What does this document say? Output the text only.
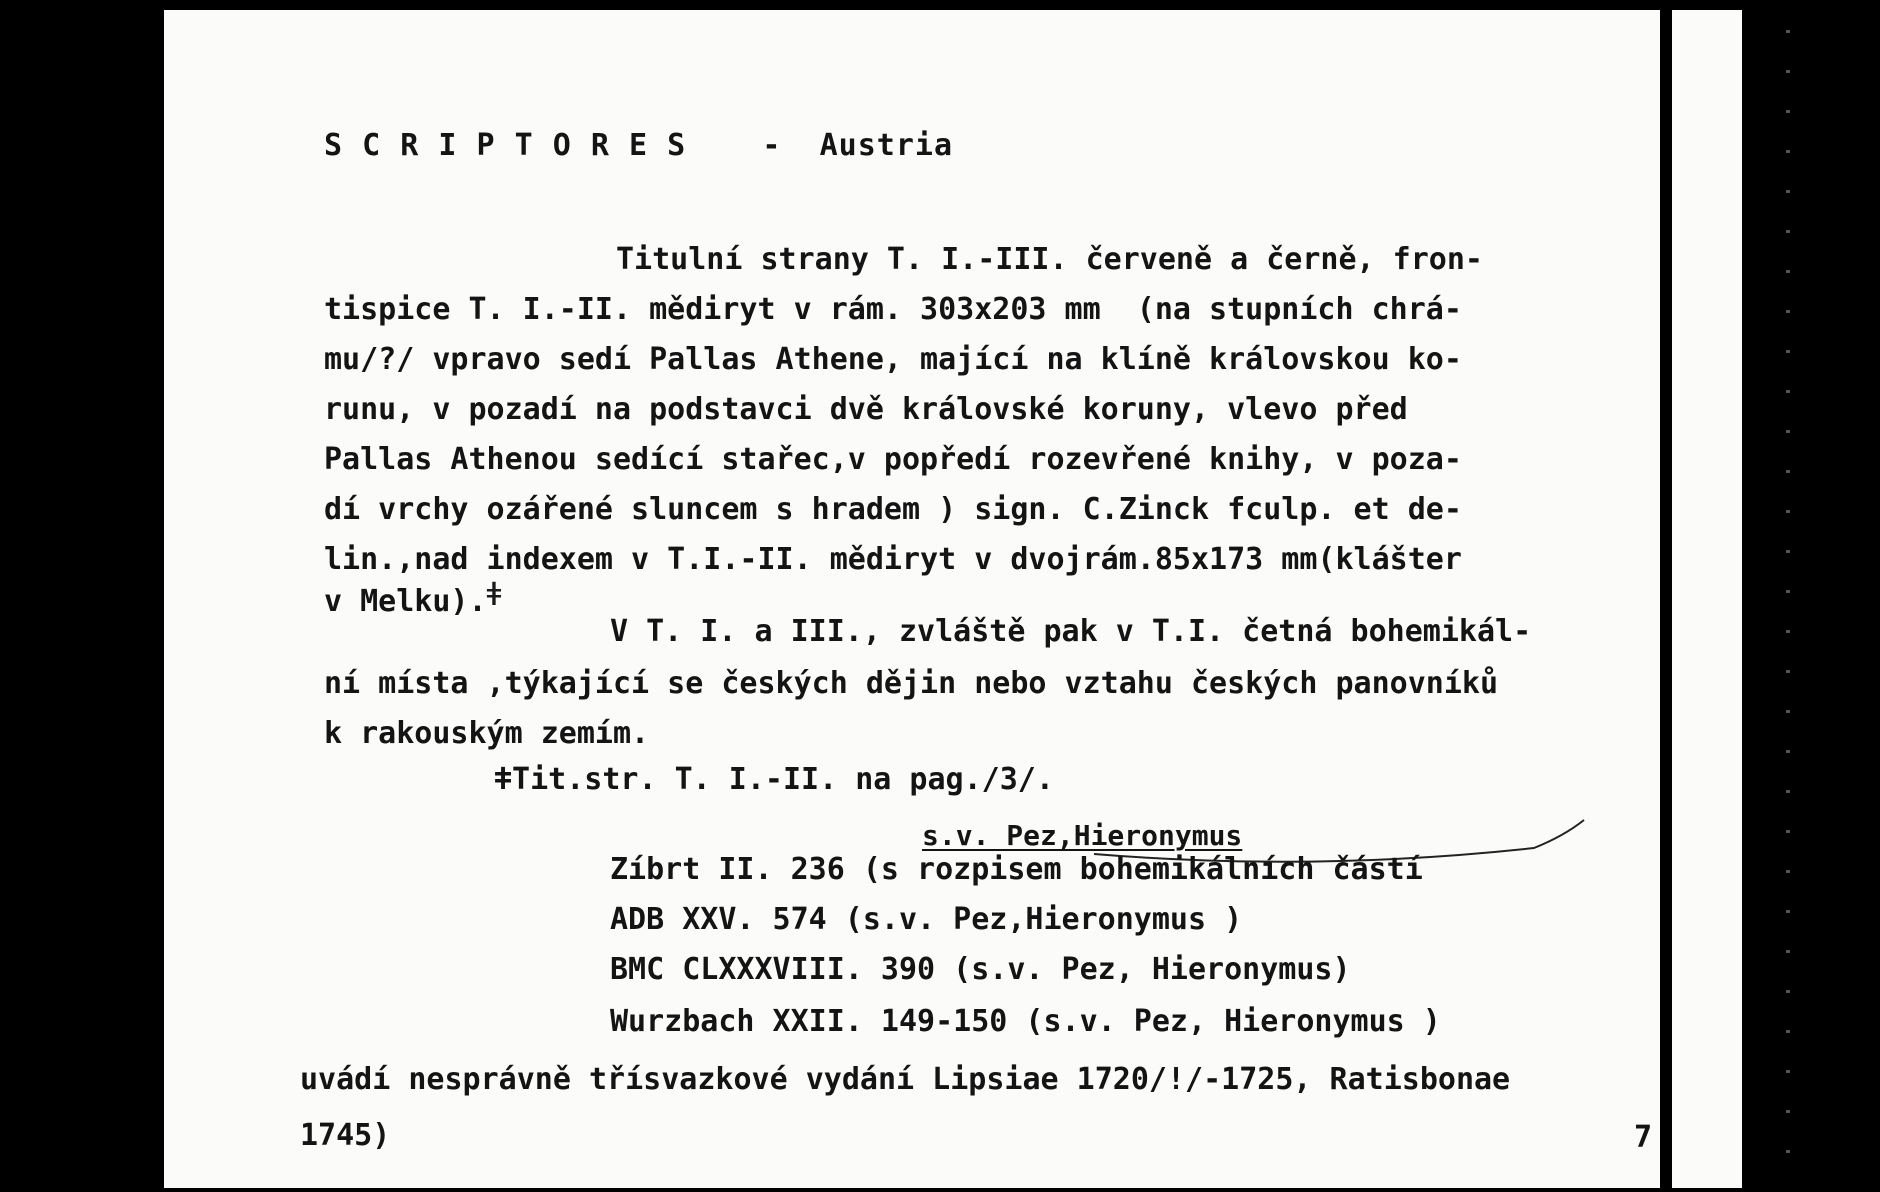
S C R I P T O R E S	- Austria

Titulní strany T. I.-III. červeně a černě, fron-

tispice T. I.-II. mědiryt v rám. 303x203 mm  (na stupních chrá-

mu/?/ vpravo sedí Pallas Athene, mající na klíně královskou ko-

runu, v pozadí na podstavci dvě královské koruny, vlevo před

Pallas Athenou sedící stařec,v popředí rozevřené knihy, v poza-

dí vrchy ozářené sluncem s hradem ) sign. C.Zinck fculp. et de-

lin.,nad indexem v T.I.-II. mědiryt v dvojrám.85x173 mm(klášter

v Melku).ǂ

V T. I. a III., zvláště pak v T.I. četná bohemikál-

ní místa ,týkající se českých dějin nebo vztahu českých panovníků

k rakouským zemím.

ǂTit.str. T. I.-II. na pag./3/.

s.v. Pez,Hieronymus

Zíbrt II. 236 (s rozpisem bohemikálních částí

ADB XXV. 574 (s.v. Pez,Hieronymus )

BMC CLXXXVIII. 390 (s.v. Pez, Hieronymus)

Wurzbach XXII. 149-150 (s.v. Pez, Hieronymus )

uvádí nesprávně třísvazkové vydání Lipsiae 1720/!/-1725, Ratisbonae

1745)	7
